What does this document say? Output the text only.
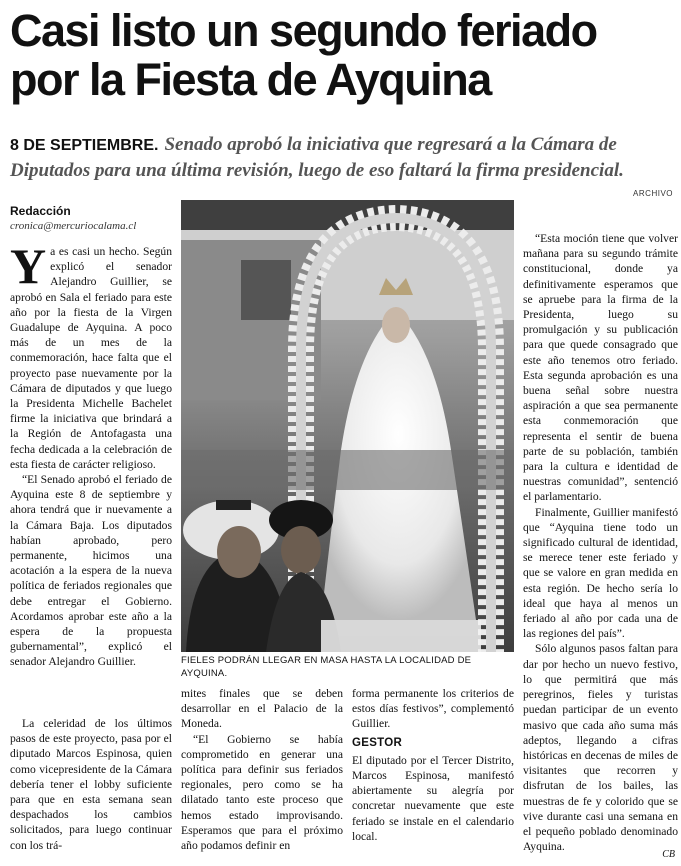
Casi listo un segundo feriado por la Fiesta de Ayquina
8 DE SEPTIEMBRE. Senado aprobó la iniciativa que regresará a la Cámara de Diputados para una última revisión, luego de eso faltará la firma presidencial.
ARCHIVO
Redacción
cronica@mercuriocalama.cl

Ya es casi un hecho. Según explicó el senador Alejandro Guillier, se aprobó en Sala el feriado para este año por la fiesta de la Virgen Guadalupe de Ayquina. A poco más de un mes de la conmemoración, hace falta que el proyecto pase nuevamente por la Cámara de diputados y que luego la Presidenta Michelle Bachelet firme la iniciativa que brindará a la Región de Antofagasta una fecha dedicada a la celebración de esta fiesta de carácter religioso.

“El Senado aprobó el feriado de Ayquina este 8 de septiembre y ahora tendrá que ir nuevamente a la Cámara Baja. Los diputados habían aprobado, pero permanente, hicimos una acotación a la espera de la nueva política de feriados regionales que debe entregar el Gobierno. Acordamos aprobar este año a la espera de la propuesta gubernamental”, explicó el senador Alejandro Guillier.

La celeridad de los últimos pasos de este proyecto, pasa por el diputado Marcos Espinosa, quien como vicepresidente de la Cámara debería tener el lobby suficiente para que en esta semana sean despachados los cambios solicitados, para luego continuar con los trá-

FIELES PODRÁN LLEGAR EN MASA HASTA LA LOCALIDAD DE AYQUINA.

mites finales que se deben desarrollar en el Palacio de la Moneda.

“El Gobierno se había comprometido en generar una política para definir sus feriados regionales, pero como se ha dilatado tanto este proceso que hemos estado improvisando. Esperamos que para el próximo año podamos definir en

forma permanente los criterios de estos días festivos”, complementó Guillier.

GESTOR

El diputado por el Tercer Distrito, Marcos Espinosa, manifestó abiertamente su alegría por concretar nuevamente que este feriado se instale en el calendario local.

“Esta moción tiene que volver mañana para su segundo trámite constitucional, donde ya definitivamente esperamos que se apruebe para la firma de la Presidenta, luego su promulgación y su publicación para que quede consagrado que este año tenemos otro feriado. Esta segunda aprobación es una buena señal sobre nuestra aspiración a que sea permanente esta conmemoración que representa el sentir de buena parte de su población, también para la cultura e identidad de nuestras comunidad”, sentenció el parlamentario.

Finalmente, Guillier manifestó que “Ayquina tiene todo un significado cultural de identidad, se merece tener este feriado y que se valore en gran medida en esta región. De hecho sería lo ideal que haya al menos un feriado al año por cada una de las regiones del país”.

Sólo algunos pasos faltan para dar por hecho un nuevo festivo, lo que permitirá que más peregrinos, fieles y turistas puedan participar de un evento masivo que cada año suma más adeptos, llegando a cifras históricas en decenas de miles de visitantes que recorren y disfrutan de los bailes, las muestras de fe y colorido que se vive durante casi una semana en el pequeño poblado denominado Ayquina.

CB
